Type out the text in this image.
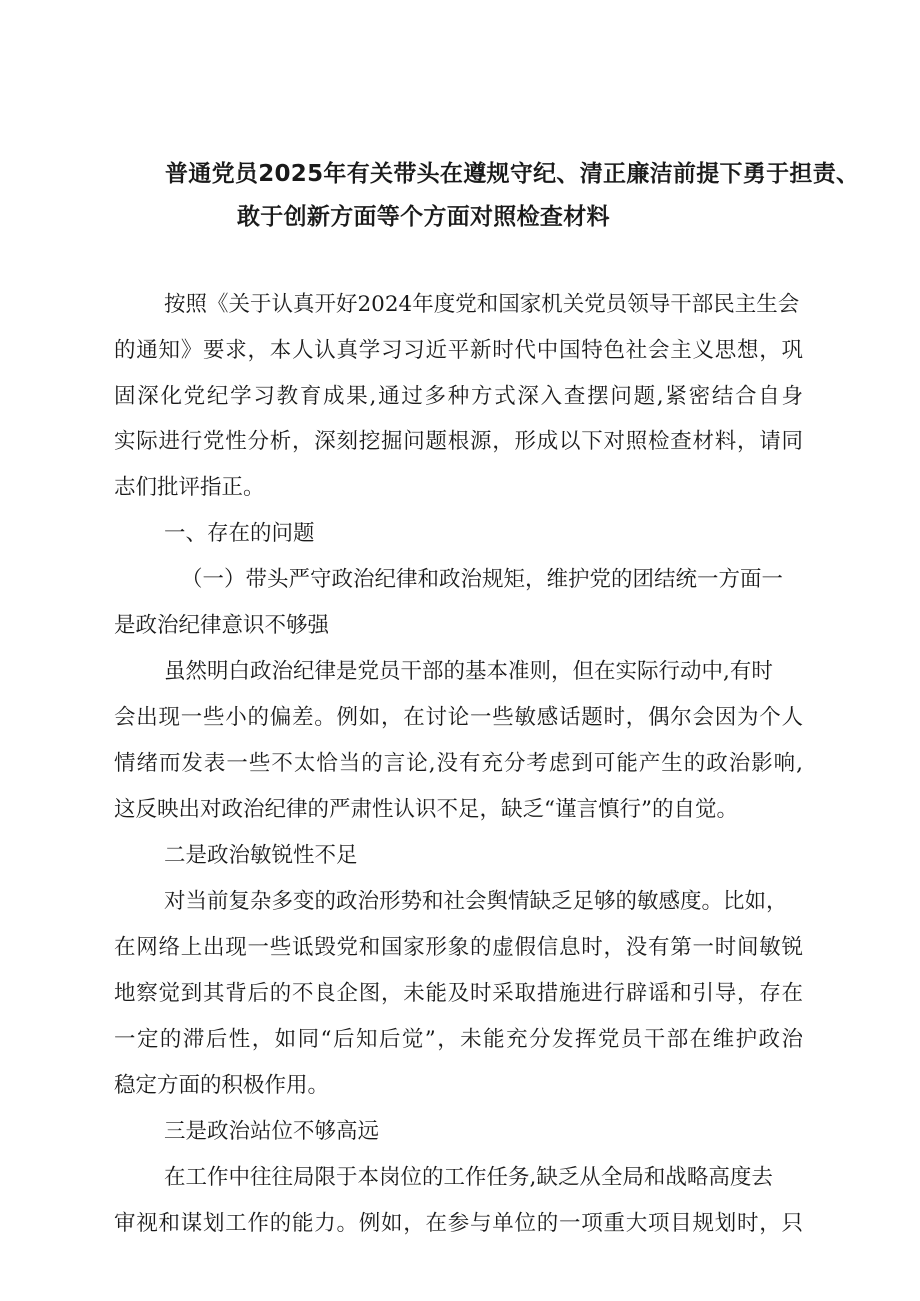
普通党员2025年有关带头在遵规守纪、清正廉洁前提下勇于担责、
敢于创新方面等个方面对照检查材料
按照《关于认真开好2024年度党和国家机关党员领导干部民主生会
的通知》要求，本人认真学习习近平新时代中国特色社会主义思想，巩
固深化党纪学习教育成果,通过多种方式深入查摆问题,紧密结合自身
实际进行党性分析，深刻挖掘问题根源，形成以下对照检查材料，请同
志们批评指正。
一、存在的问题
（一）带头严守政治纪律和政治规矩，维护党的团结统一方面一
是政治纪律意识不够强
虽然明白政治纪律是党员干部的基本准则，但在实际行动中,有时
会出现一些小的偏差。例如，在讨论一些敏感话题时，偶尔会因为个人
情绪而发表一些不太恰当的言论,没有充分考虑到可能产生的政治影响,
这反映出对政治纪律的严肃性认识不足，缺乏“谨言慎行”的自觉。
二是政治敏锐性不足
对当前复杂多变的政治形势和社会舆情缺乏足够的敏感度。比如，
在网络上出现一些诋毁党和国家形象的虚假信息时，没有第一时间敏锐
地察觉到其背后的不良企图，未能及时采取措施进行辟谣和引导，存在
一定的滞后性，如同“后知后觉”，未能充分发挥党员干部在维护政治
稳定方面的积极作用。
三是政治站位不够高远
在工作中往往局限于本岗位的工作任务,缺乏从全局和战略高度去
审视和谋划工作的能力。例如，在参与单位的一项重大项目规划时，只
